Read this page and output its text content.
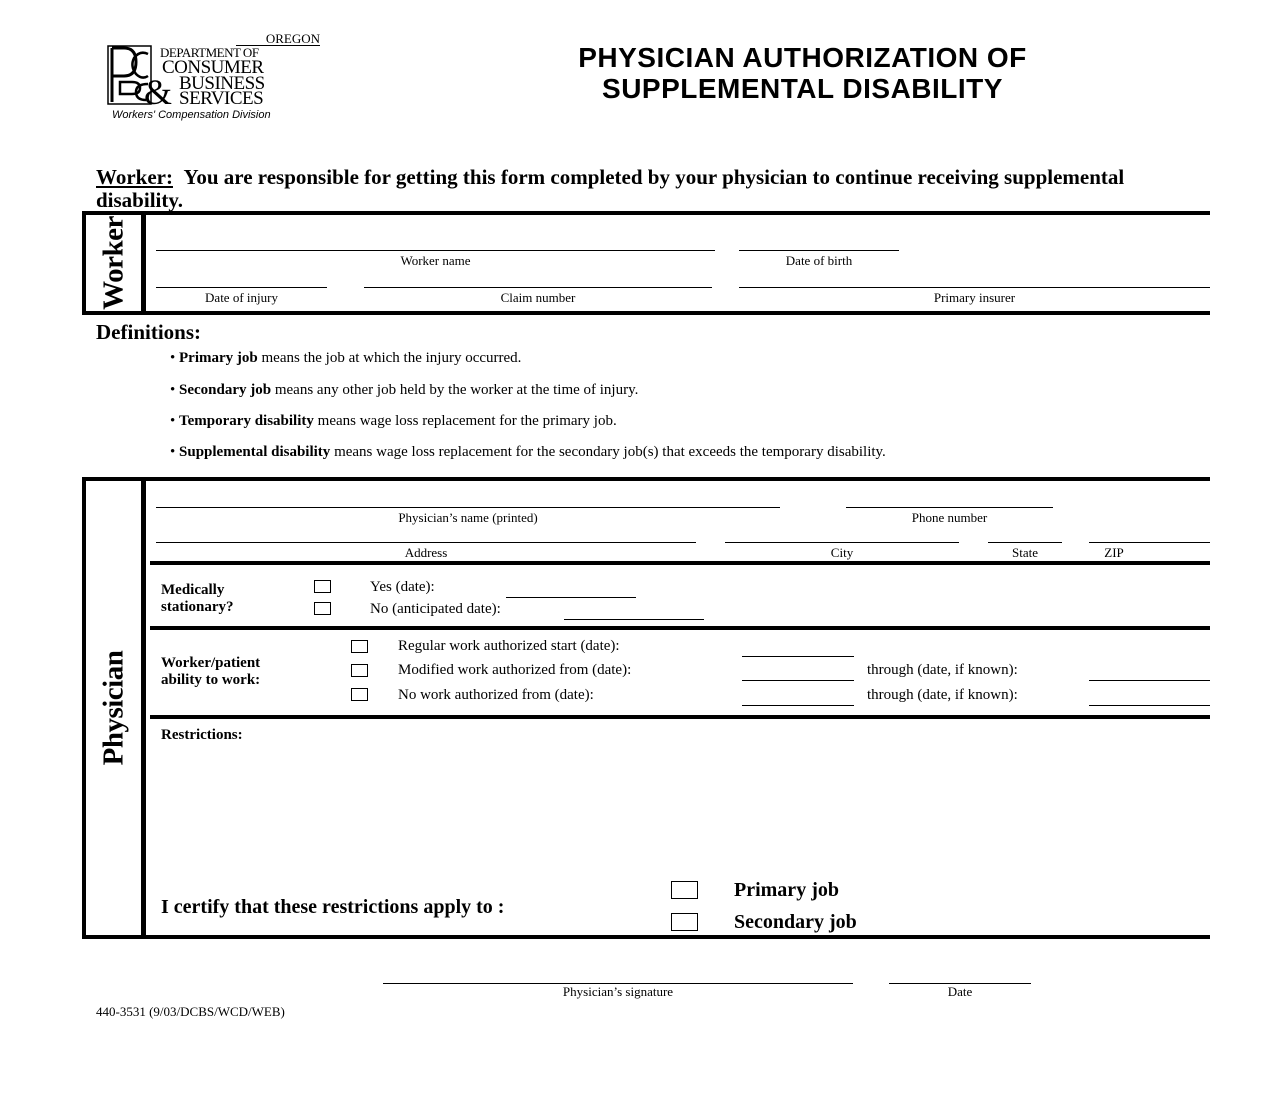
OREGON
DEPARTMENT OF
CONSUMER
& BUSINESS
SERVICES
Workers' Compensation Division
PHYSICIAN AUTHORIZATION OF
SUPPLEMENTAL DISABILITY
Worker: You are responsible for getting this form completed by your physician to continue receiving supplemental disability.
Worker	Worker name	Date of birth
Date of injury	Claim number	Primary insurer
Definitions:
• Primary job means the job at which the injury occurred.
• Secondary job means any other job held by the worker at the time of injury.
• Temporary disability means wage loss replacement for the primary job.
• Supplemental disability means wage loss replacement for the secondary job(s) that exceeds the temporary disability.
Physician
Physician’s name (printed)	Phone number
Address	City	State	ZIP
Medically
stationary?
Yes (date):
No (anticipated date):
Worker/patient
ability to work:
Regular work authorized start (date):
Modified work authorized from (date):	through (date, if known):
No work authorized from (date):	through (date, if known):
Restrictions:
I certify that these restrictions apply to :
Primary job
Secondary job
Physician’s signature	Date
440-3531 (9/03/DCBS/WCD/WEB)
